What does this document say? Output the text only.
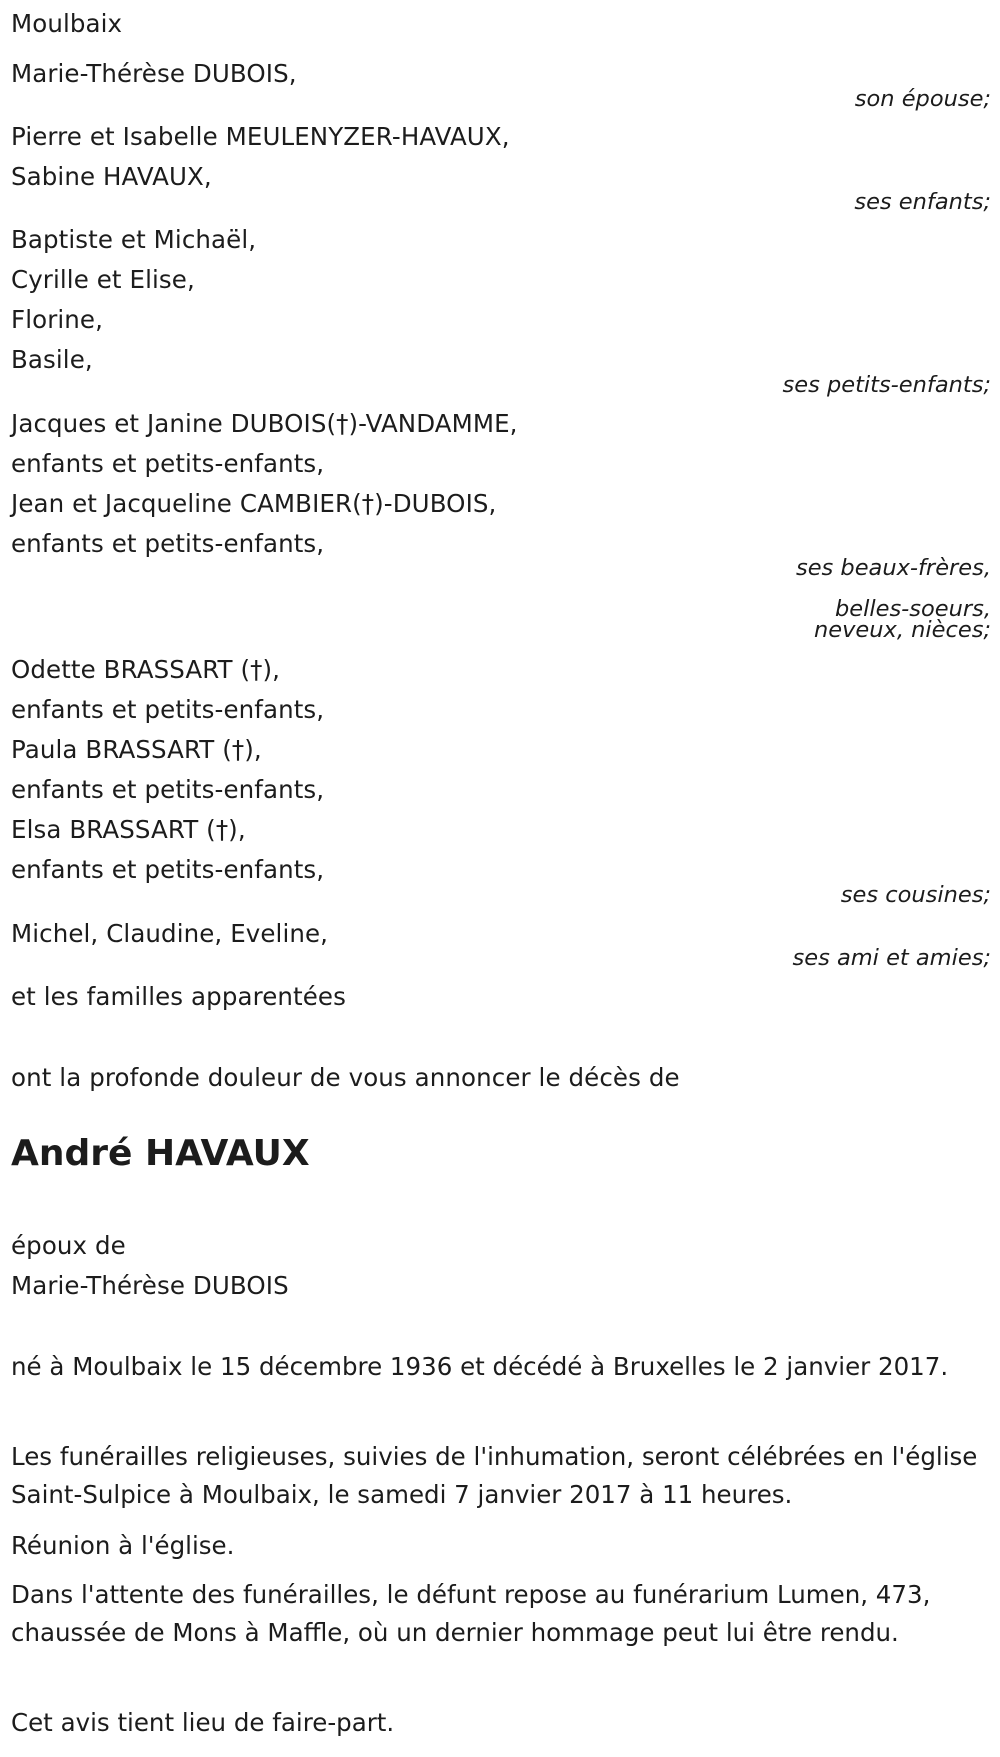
Moulbaix
Marie-Thérèse DUBOIS,
son épouse;
Pierre et Isabelle MEULENYZER-HAVAUX,
Sabine HAVAUX,
ses enfants;
Baptiste et Michaël,
Cyrille et Elise,
Florine,
Basile,
ses petits-enfants;
Jacques et Janine DUBOIS(†)-VANDAMME,
enfants et petits-enfants,
Jean et Jacqueline CAMBIER(†)-DUBOIS,
enfants et petits-enfants,
ses beaux-frères,
belles-soeurs,
neveux, nièces;
Odette BRASSART (†),
enfants et petits-enfants,
Paula BRASSART (†),
enfants et petits-enfants,
Elsa BRASSART (†),
enfants et petits-enfants,
ses cousines;
Michel, Claudine, Eveline,
ses ami et amies;
et les familles apparentées
ont la profonde douleur de vous annoncer le décès de
André HAVAUX
époux de
Marie-Thérèse DUBOIS
né à Moulbaix le 15 décembre 1936 et décédé à Bruxelles le 2 janvier 2017.
Les funérailles religieuses, suivies de l'inhumation, seront célébrées en l'église Saint-Sulpice à Moulbaix, le samedi 7 janvier 2017 à 11 heures.
Réunion à l'église.
Dans l'attente des funérailles, le défunt repose au funérarium Lumen, 473, chaussée de Mons à Maffle, où un dernier hommage peut lui être rendu.
Cet avis tient lieu de faire-part.
